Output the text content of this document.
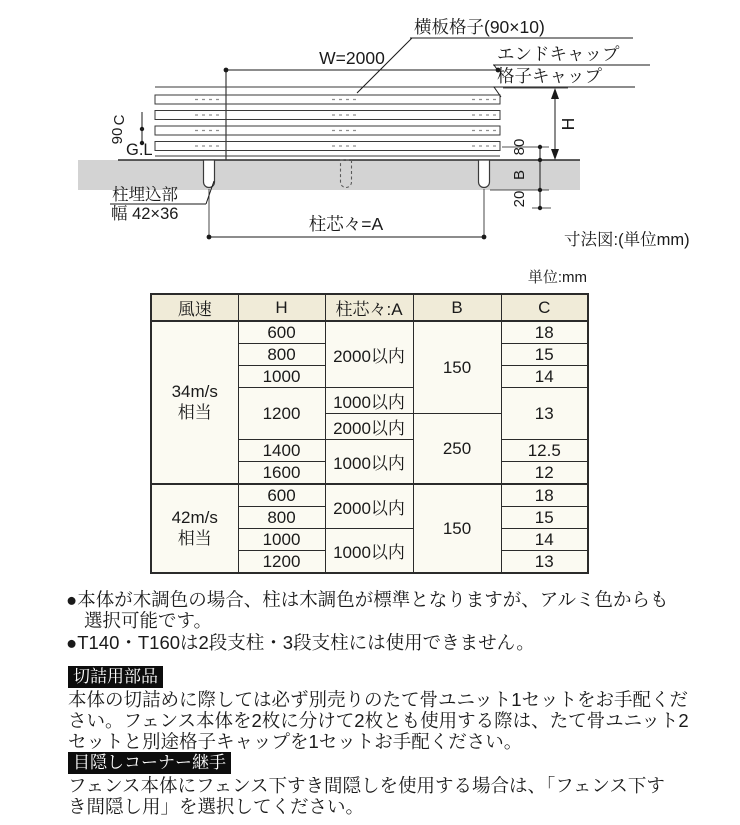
W=2000
横板格子(90×10)
エンドキャップ
格子キャップ
C
90
G.L
柱埋込部
幅 42×36	柱芯々=A
H
80
B
20
寸法図:(単位mm)
単位:mm
風速	H	柱芯々:A	B	C

34m/s
相当	600	2000以内	150	18
	800			15
	1000			14
	1200	1000以内		13
		2000以内	250	
	1400	1000以内		12.5
	1600			12

42m/s
相当	600	2000以内	150	18
	800			15
	1000	1000以内		14
	1200			13
●本体が木調色の場合、柱は木調色が標準となりますが、アルミ色からも
選択可能です。
●T140・T160は2段支柱・3段支柱には使用できません。
切詰用部品
本体の切詰めに際しては必ず別売りのたて骨ユニット1セットをお手配くだ
さい。フェンス本体を2枚に分けて2枚とも使用する際は、たて骨ユニット2
セットと別途格子キャップを1セットお手配ください。
目隠しコーナー継手
フェンス本体にフェンス下すき間隠しを使用する場合は、「フェンス下す
き間隠し用」を選択してください。
